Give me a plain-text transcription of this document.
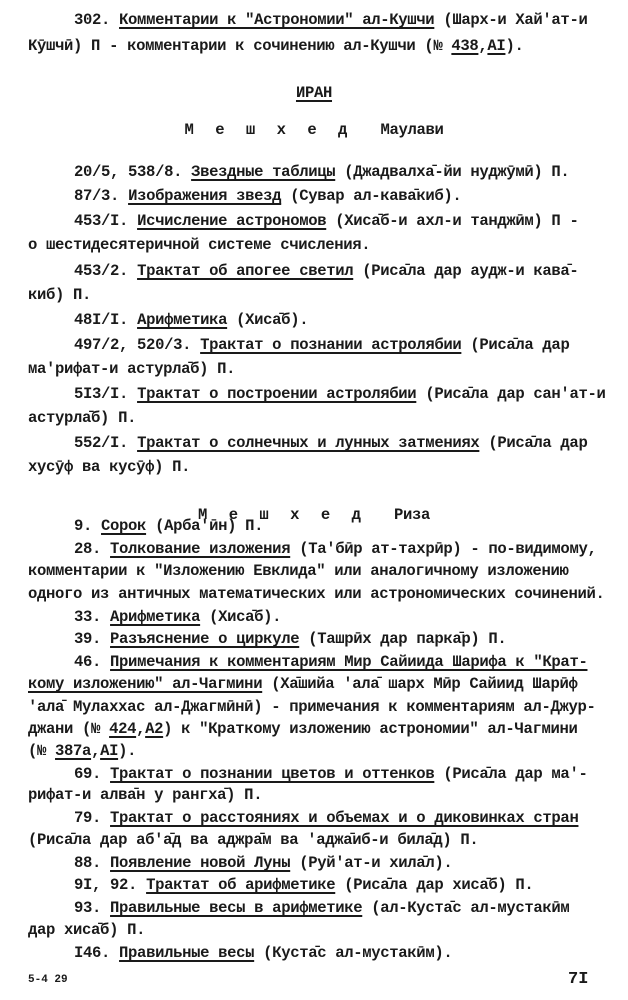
302. Комментарии к "Астрономии" ал-Кушчи (Шарх-и Хай'ат-и
Кӯшчӣ) П - комментарии к сочинению ал-Кушчи (№ 438,АI).
ИРАН
М е ш х е д Маулави
20/5, 538/8. Звездные таблицы (Джадвалха̄-йи нуджӯмӣ) П.
87/3. Изображения звезд (Сувар ал-кава̄киб).
453/I. Исчисление астрономов (Хиса̄б-и ахл-и танджӣм) П -
о шестидесятеричной системе счисления.
453/2. Трактат об апогее светил (Риса̄ла дар аудж-и кава̄-
киб) П.
48I/I. Арифметика (Хиса̄б).
497/2, 520/3. Трактат о познании астролябии (Риса̄ла дар
ма'рифат-и астурла̄б) П.
5I3/I. Трактат о построении астролябии (Риса̄ла дар сан'ат-и
астурла̄б) П.
552/I. Трактат о солнечных и лунных затмениях (Риса̄ла дар
хусӯф ва кусӯф) П.
М е ш х е д Риза
9. Сорок (Арба'ӣн) П.
28. Толкование изложения (Та'бӣр ат-тахрӣр) - по-видимому,
комментарии к "Изложению Евклида" или аналогичному изложению
одного из античных математических или астрономических сочинений.
33. Арифметика (Хиса̄б).
39. Разъяснение о циркуле (Ташрӣх дар парка̄р) П.
46. Примечания к комментариям Мир Сайиида Шарифа к "Крат-
кому изложению" ал-Чагмини (Ха̄шийа 'ала̄ шарх Мӣр Сайиид Шарӣф
'ала̄ Мулаххас ал-Джагмӣнӣ) - примечания к комментариям ал-Джур-
джани (№ 424,А2) к "Краткому изложению астрономии" ал-Чагмини
(№ 387а,АI).
69. Трактат о познании цветов и оттенков (Риса̄ла дар ма'-
рифат-и алва̄н у рангха̄) П.
79. Трактат о расстояниях и объемах и о диковинках стран
(Риса̄ла дар аб'а̄д ва аджра̄м ва 'аджа̄иб-и била̄д) П.
88. Появление новой Луны (Руй'ат-и хила̄л).
9I, 92. Трактат об арифметике (Риса̄ла дар хиса̄б) П.
5-4 29	7I
93. Правильные весы в арифметике (ал-Куста̄с ал-мустакӣм
дар хиса̄б) П.
I46. Правильные весы (Куста̄с ал-мустакӣм).
